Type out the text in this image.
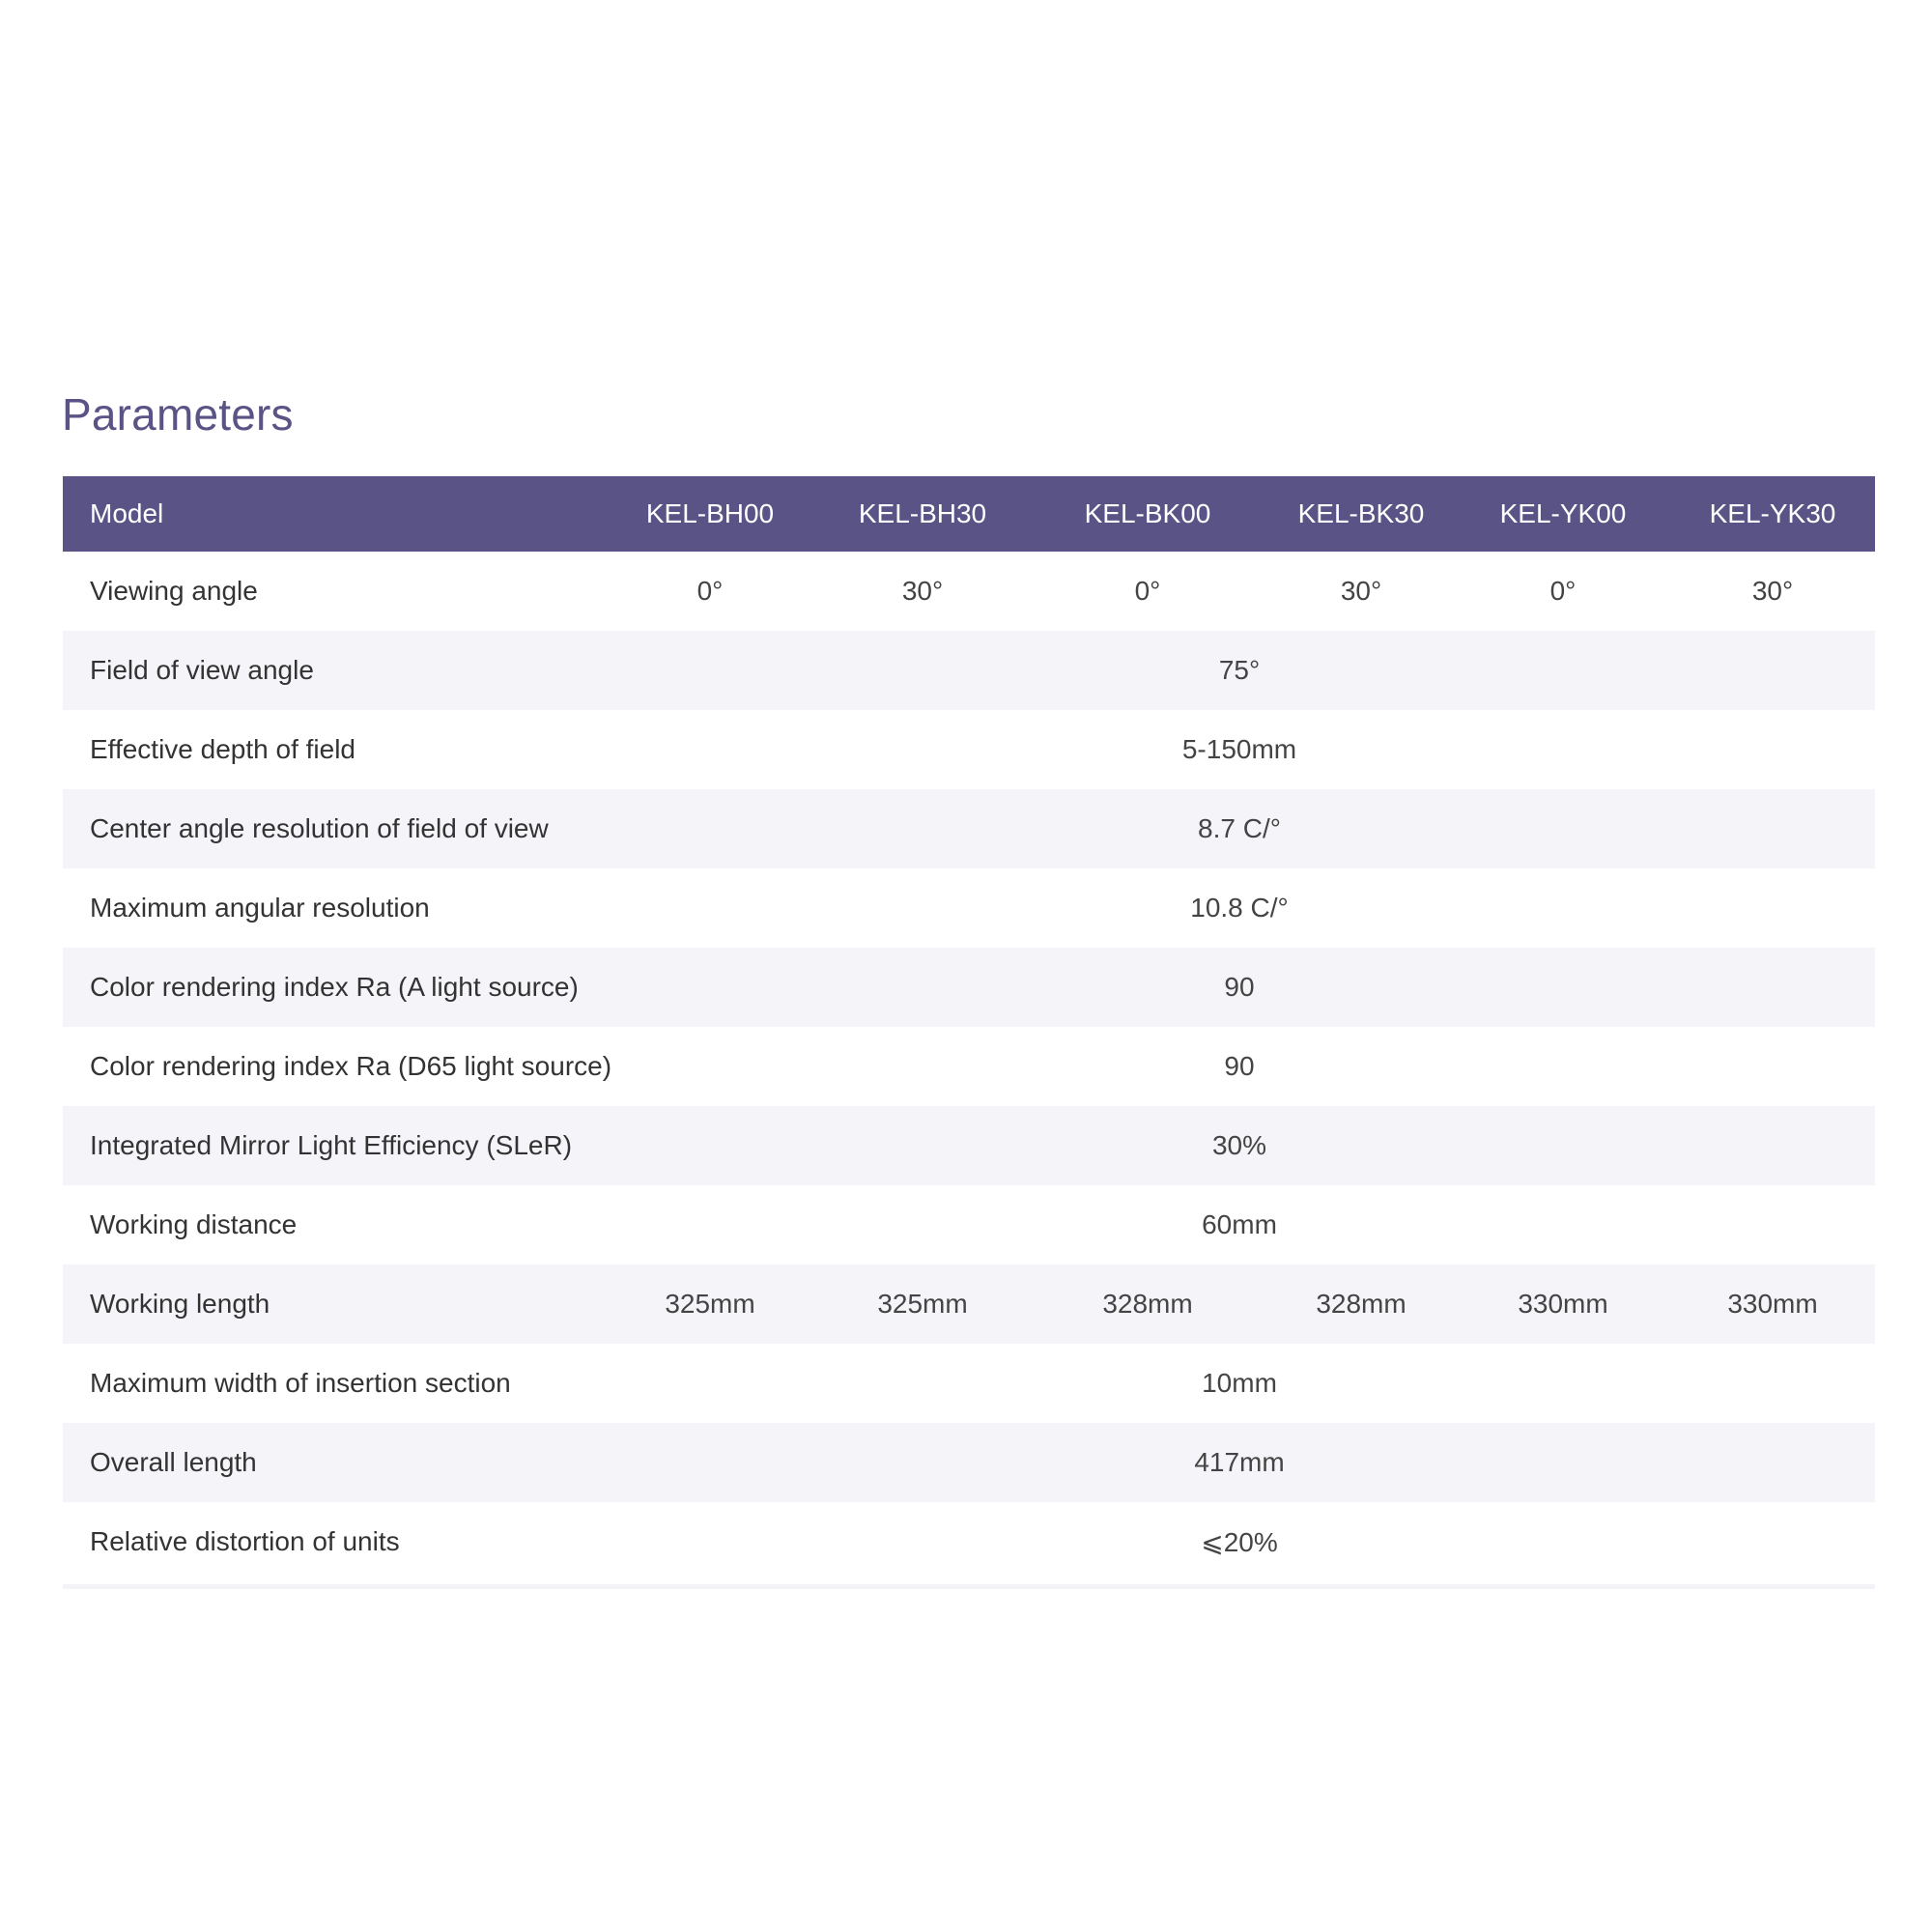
Parameters
Model	KEL-BH00	KEL-BH30	KEL-BK00	KEL-BK30	KEL-YK00	KEL-YK30
Viewing angle	0°	30°	0°	30°	0°	30°
Field of view angle	75°					
Effective depth of field	5-150mm					
Center angle resolution of field of view	8.7 C/°					
Maximum angular resolution	10.8 C/°					
Color rendering index Ra (A light source)	90					
Color rendering index Ra (D65 light source)	90					
Integrated Mirror Light Efficiency (SLeR)	30%					
Working distance	60mm					
Working length	325mm	325mm	328mm	328mm	330mm	330mm
Maximum width of insertion section	10mm					
Overall length	417mm					
Relative distortion of units	⩽20%					
